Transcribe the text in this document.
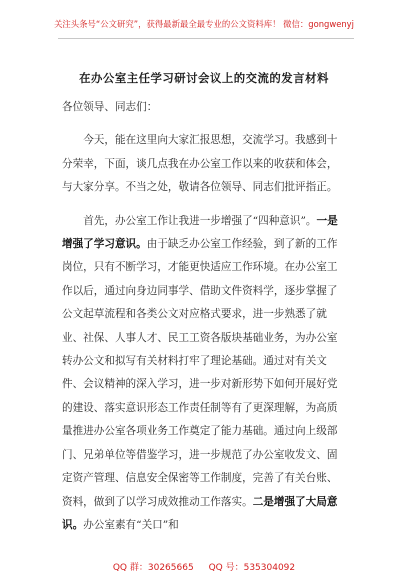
关注头条号“公文研究”，获得最新最全最专业的公文资料库！ 微信：gongwenyj
在办公室主任学习研讨会议上的交流的发言材料

各位领导、同志们：

今天，能在这里向大家汇报思想，交流学习。我感到十分荣幸，下面，谈几点我在办公室工作以来的收获和体会，与大家分享。不当之处，敬请各位领导、同志们批评指正。

首先，办公室工作让我进一步增强了“四种意识”。一是增强了学习意识。由于缺乏办公室工作经验，到了新的工作岗位，只有不断学习，才能更快适应工作环境。在办公室工作以后，通过向身边同事学、借助文件资料学，逐步掌握了公文起草流程和各类公文对应格式要求，进一步熟悉了就业、社保、人事人才、民工工资各版块基础业务，为办公室转办公文和拟写有关材料打牢了理论基础。通过对有关文件、会议精神的深入学习，进一步对新形势下如何开展好党的建设、落实意识形态工作责任制等有了更深理解，为高质量推进办公室各项业务工作奠定了能力基础。通过向上级部门、兄弟单位等借鉴学习，进一步规范了办公室收发文、固定资产管理、信息安全保密等工作制度，完善了有关台账、资料，做到了以学习成效推动工作落实。二是增强了大局意识。办公室素有“关口”和

QQ 群：30265665 QQ 号：535304092
